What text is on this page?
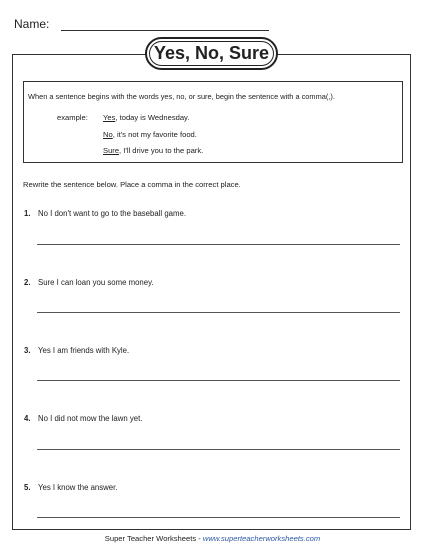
Name:
Yes, No, Sure
When a sentence begins with the words yes, no, or sure, begin the sentence with a comma(,).
example: Yes, today is Wednesday.
No, it's not my favorite food.
Sure, I'll drive you to the park.
Rewrite the sentence below. Place a comma in the correct place.
1. No I don't want to go to the baseball game.
2. Sure I can loan you some money.
3. Yes I am friends with Kyle.
4. No I did not mow the lawn yet.
5. Yes I know the answer.
Super Teacher Worksheets - www.superteacherworksheets.com
